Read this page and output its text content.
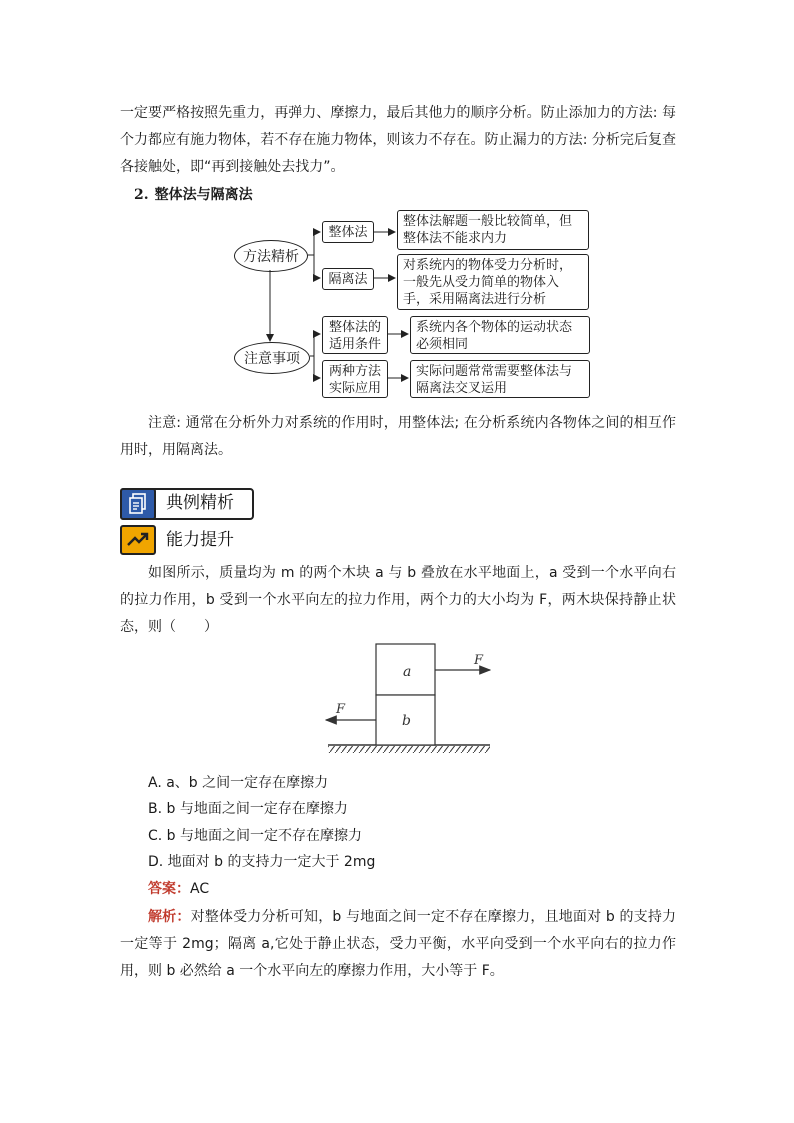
一定要严格按照先重力，再弹力、摩擦力，最后其他力的顺序分析。防止添加力的方法: 每个力都应有施力物体，若不存在施力物体，则该力不存在。防止漏力的方法: 分析完后复查各接触处，即“再到接触处去找力”。
2. 整体法与隔离法
方法精析
注意事项
整体法
整体法解题一般比较简单，但
整体法不能求内力
隔离法
对系统内的物体受力分析时，
一般先从受力简单的物体入
手，采用隔离法进行分析
整体法的
适用条件
系统内各个物体的运动状态
必须相同
两种方法
实际应用
实际问题常常需要整体法与
隔离法交叉运用
注意: 通常在分析外力对系统的作用时，用整体法; 在分析系统内各物体之间的相互作用时，用隔离法。
典例精析
能力提升
如图所示，质量均为 m 的两个木块 a 与 b 叠放在水平地面上，a 受到一个水平向右的拉力作用，b 受到一个水平向左的拉力作用，两个力的大小均为 F，两木块保持静止状态，则（　　）
a
b
F
F
A. a、b 之间一定存在摩擦力
B. b 与地面之间一定存在摩擦力
C. b 与地面之间一定不存在摩擦力
D. 地面对 b 的支持力一定大于 2mg
答案：AC
解析：对整体受力分析可知，b 与地面之间一定不存在摩擦力，且地面对 b 的支持力一定等于 2mg；隔离 a,它处于静止状态，受力平衡，水平向受到一个水平向右的拉力作用，则 b 必然给 a 一个水平向左的摩擦力作用，大小等于 F。
